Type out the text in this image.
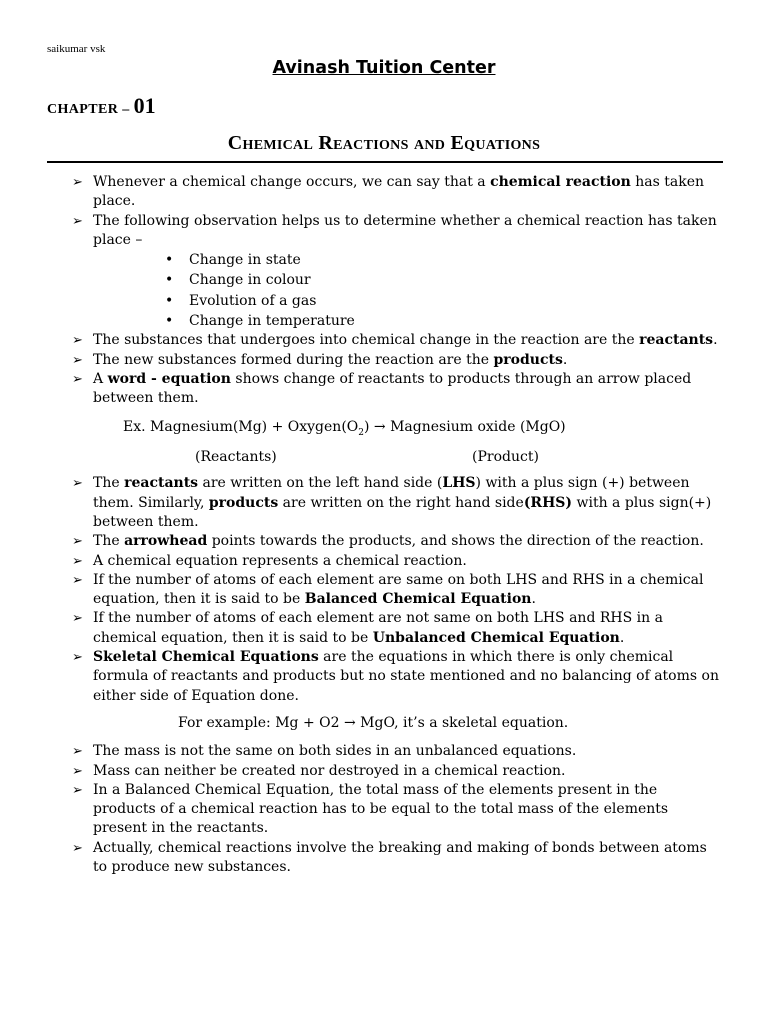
saikumar vsk
Avinash Tuition Center
CHAPTER – 01
Chemical Reactions and Equations
➢ Whenever a chemical change occurs, we can say that a chemical reaction has taken place.
➢ The following observation helps us to determine whether a chemical reaction has taken place –
• Change in state
• Change in colour
• Evolution of a gas
• Change in temperature
➢ The substances that undergoes into chemical change in the reaction are the reactants.
➢ The new substances formed during the reaction are the products.
➢ A word - equation shows change of reactants to products through an arrow placed between them.
Ex. Magnesium(Mg) + $Oxygen(O_2)$ → Magnesium oxide (MgO)
(Reactants)	(Product)
➢ The reactants are written on the left hand side (LHS) with a plus sign (+) between them. Similarly, products are written on the right hand side(RHS) with a plus sign(+) between them.
➢ The arrowhead points towards the products, and shows the direction of the reaction.
➢ A chemical equation represents a chemical reaction.
➢ If the number of atoms of each element are same on both LHS and RHS in a chemical equation, then it is said to be Balanced Chemical Equation.
➢ If the number of atoms of each element are not same on both LHS and RHS in a chemical equation, then it is said to be Unbalanced Chemical Equation.
➢ Skeletal Chemical Equations are the equations in which there is only chemical formula of reactants and products but no state mentioned and no balancing of atoms on either side of Equation done.
For example: Mg + O2 → MgO, it’s a skeletal equation.
➢ The mass is not the same on both sides in an unbalanced equations.
➢ Mass can neither be created nor destroyed in a chemical reaction.
➢ In a Balanced Chemical Equation, the total mass of the elements present in the products of a chemical reaction has to be equal to the total mass of the elements present in the reactants.
➢ Actually, chemical reactions involve the breaking and making of bonds between atoms to produce new substances.
